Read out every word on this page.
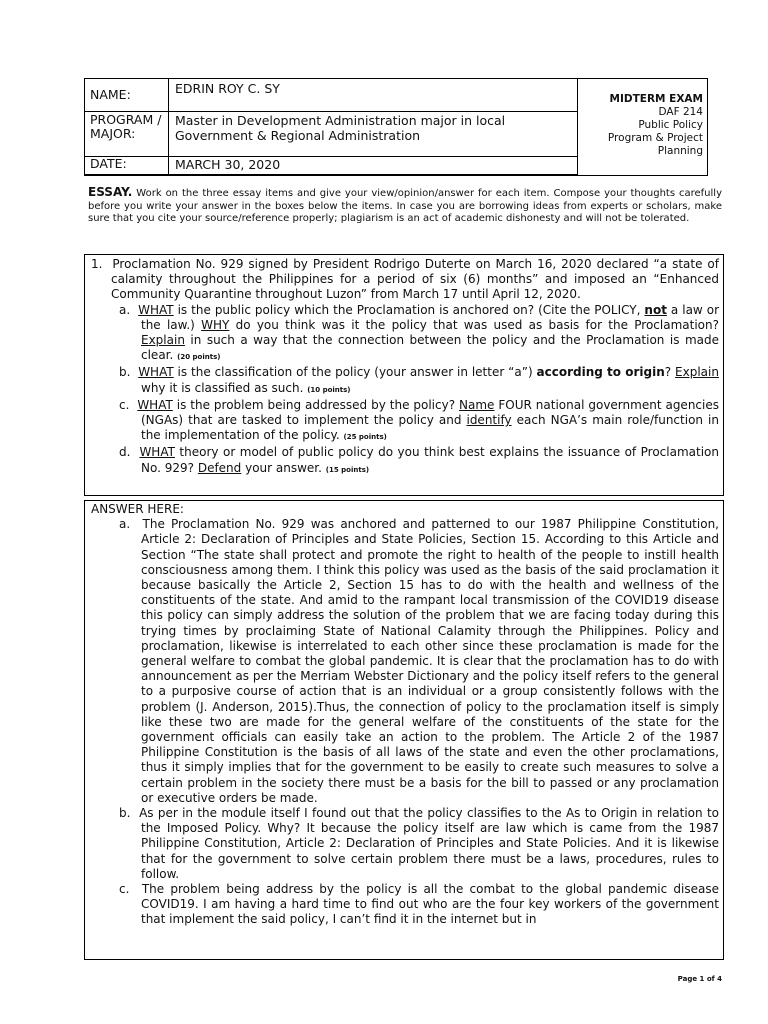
NAME:	EDRIN ROY C. SY
PROGRAM / MAJOR:
Master in Development Administration major in local Government & Regional Administration
DATE:	MARCH 30, 2020
MIDTERM EXAM
DAF 214
Public Policy
Program & Project
Planning
ESSAY. Work on the three essay items and give your view/opinion/answer for each item. Compose your thoughts carefully before you write your answer in the boxes below the items. In case you are borrowing ideas from experts or scholars, make sure that you cite your source/reference properly; plagiarism is an act of academic dishonesty and will not be tolerated.

1. Proclamation No. 929 signed by President Rodrigo Duterte on March 16, 2020 declared “a state of calamity throughout the Philippines for a period of six (6) months” and imposed an “Enhanced Community Quarantine throughout Luzon” from March 17 until April 12, 2020.

a. WHAT is the public policy which the Proclamation is anchored on? (Cite the POLICY, not a law or the law.) WHY do you think was it the policy that was used as basis for the Proclamation? Explain in such a way that the connection between the policy and the Proclamation is made clear. (20 points)

b. WHAT is the classification of the policy (your answer in letter “a”) according to origin? Explain why it is classified as such. (10 points)

c. WHAT is the problem being addressed by the policy? Name FOUR national government agencies (NGAs) that are tasked to implement the policy and identify each NGA’s main role/function in the implementation of the policy. (25 points)

d. WHAT theory or model of public policy do you think best explains the issuance of Proclamation No. 929? Defend your answer. (15 points)

ANSWER HERE:

a. The Proclamation No. 929 was anchored and patterned to our 1987 Philippine Constitution, Article 2: Declaration of Principles and State Policies, Section 15. According to this Article and Section “The state shall protect and promote the right to health of the people to instill health consciousness among them. I think this policy was used as the basis of the said proclamation it because basically the Article 2, Section 15 has to do with the health and wellness of the constituents of the state. And amid to the rampant local transmission of the COVID19 disease this policy can simply address the solution of the problem that we are facing today during this trying times by proclaiming State of National Calamity through the Philippines. Policy and proclamation, likewise is interrelated to each other since these proclamation is made for the general welfare to combat the global pandemic. It is clear that the proclamation has to do with announcement as per the Merriam Webster Dictionary and the policy itself refers to the general to a purposive course of action that is an individual or a group consistently follows with the problem (J. Anderson, 2015).Thus, the connection of policy to the proclamation itself is simply like these two are made for the general welfare of the constituents of the state for the government officials can easily take an action to the problem. The Article 2 of the 1987 Philippine Constitution is the basis of all laws of the state and even the other proclamations, thus it simply implies that for the government to be easily to create such measures to solve a certain problem in the society there must be a basis for the bill to passed or any proclamation or executive orders be made.

b. As per in the module itself I found out that the policy classifies to the As to Origin in relation to the Imposed Policy. Why? It because the policy itself are law which is came from the 1987 Philippine Constitution, Article 2: Declaration of Principles and State Policies. And it is likewise that for the government to solve certain problem there must be a laws, procedures, rules to follow.

c. The problem being address by the policy is all the combat to the global pandemic disease COVID19. I am having a hard time to find out who are the four key workers of the government that implement the said policy, I can’t find it in the internet but in

Page 1 of 4
